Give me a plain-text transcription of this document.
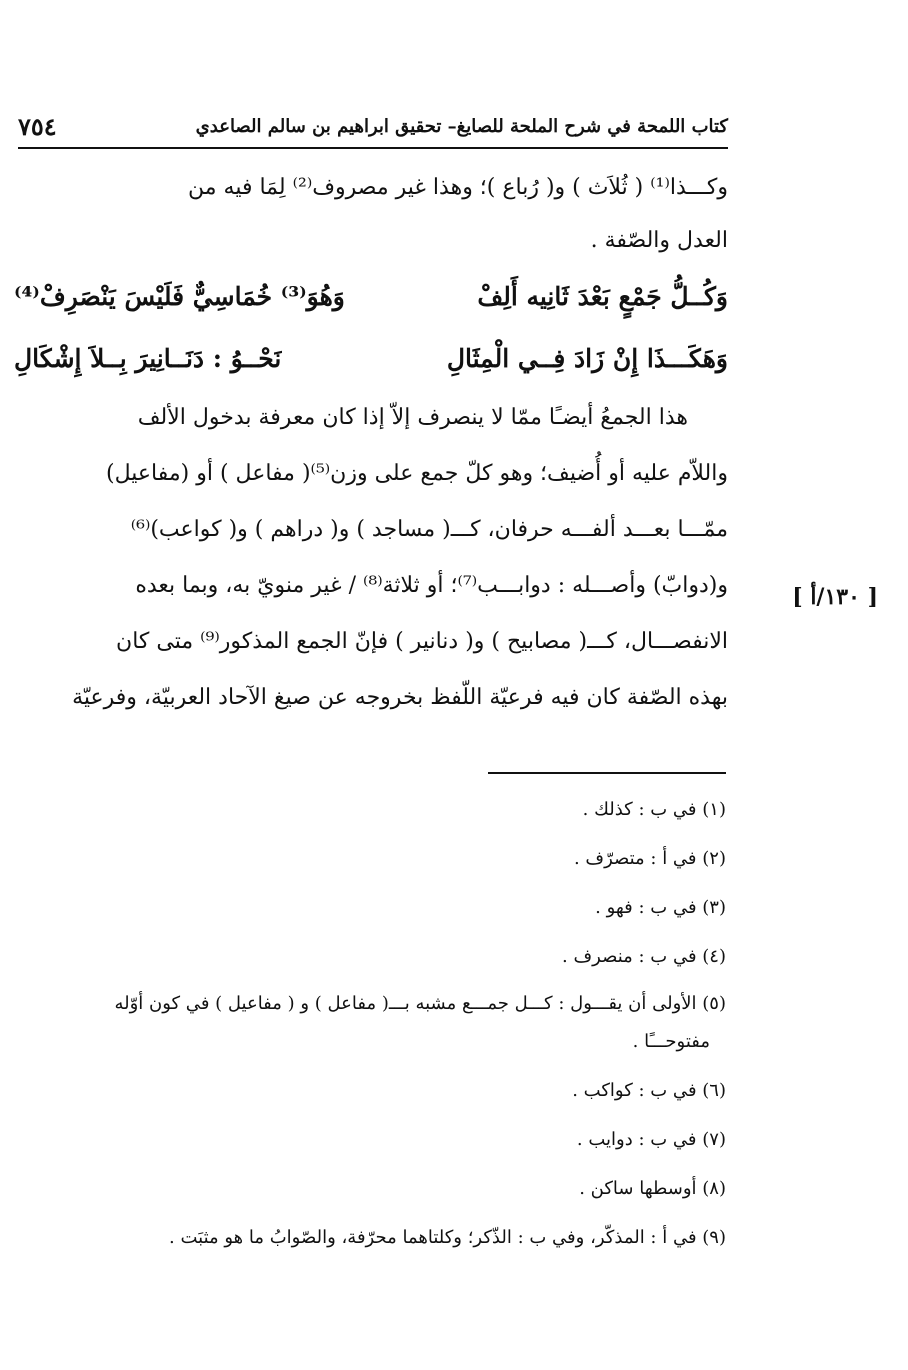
كتاب اللمحة في شرح الملحة للصايغ– تحقيق ابراهيم بن سالم الصاعدي
٧٥٤
وكـــذا⁽¹⁾ ( ثُلاَث ) و( رُباع )؛ وهذا غير مصروف⁽²⁾ لِمَا فيه من
العدل والصّفة .
وَكُــلُّ جَمْعٍ بَعْدَ ثَانِيه أَلِفْ
وَهُوَ⁽³⁾ خُمَاسِيٌّ فَلَيْسَ يَنْصَرِفْ⁽⁴⁾
وَهَكَـــذَا إِنْ زَادَ فِــي الْمِثَالِ
نَحْــوُ : دَنَــانِيرَ بِــلاَ إِشْكَالِ
هذا الجمعُ أيضـًا ممّا لا ينصرف إلاّ إذا كان معرفة بدخول الألف
واللاّم عليه أو أُضيف؛ وهو كلّ جمع على وزن⁽⁵⁾( مفاعل ) أو (مفاعيل)
ممّـــا بعـــد ألفـــه حرفان، كـــ( مساجد ) و( دراهم ) و( كواعب)⁽⁶⁾
و(دوابّ) وأصـــله : دوابـــب⁽⁷⁾؛ أو ثلاثة⁽⁸⁾ / غير منويّ به، وبما بعده
الانفصـــال، كـــ( مصابيح ) و( دنانير ) فإنّ الجمع المذكور⁽⁹⁾ متى كان
بهذه الصّفة كان فيه فرعيّة اللّفظ بخروجه عن صيغ الآحاد العربيّة، وفرعيّة
[ ١٣٠/أ ]
(١) في ب : كذلك .
(٢) في أ : متصرّف .
(٣) في ب : فهو .
(٤) في ب : منصرف .
(٥) الأولى أن يقـــول : كـــل جمـــع مشبه بـــ( مفاعل ) و ( مفاعيل ) في كون أوّله
مفتوحـــًا .
(٦) في ب : كواكب .
(٧) في ب : دوايب .
(٨) أوسطها ساكن .
(٩) في أ : المذكّر، وفي ب : الذّكر؛ وكلتاهما محرّفة، والصّوابُ ما هو مثبَت .
